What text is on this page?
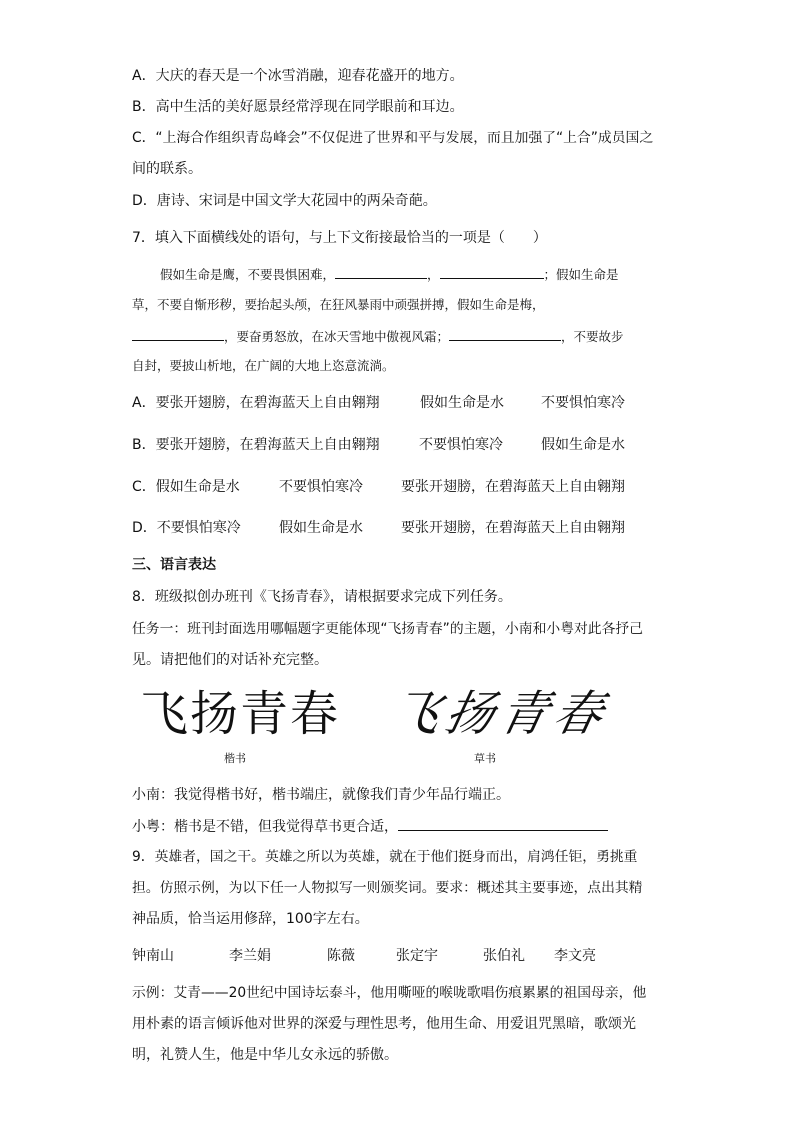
A．大庆的春天是一个冰雪消融，迎春花盛开的地方。
B．高中生活的美好愿景经常浮现在同学眼前和耳边。
C．“上海合作组织青岛峰会”不仅促进了世界和平与发展，而且加强了“上合”成员国之
间的联系。
D．唐诗、宋词是中国文学大花园中的两朵奇葩。
7．填入下面横线处的语句，与上下文衔接最恰当的一项是（　　）
假如生命是鹰，不要畏惧困难，	，	；假如生命是
草，不要自惭形秽，要抬起头颅，在狂风暴雨中顽强拼搏，假如生命是梅，
，要奋勇怒放，在冰天雪地中傲视风霜；	，不要故步
自封，要披山析地，在广阔的大地上恣意流淌。
A．要张开翅膀，在碧海蓝天上自由翱翔	假如生命是水	不要惧怕寒冷
B．要张开翅膀，在碧海蓝天上自由翱翔	不要惧怕寒冷	假如生命是水
C．假如生命是水	不要惧怕寒冷	要张开翅膀，在碧海蓝天上自由翱翔
D．不要惧怕寒冷	假如生命是水	要张开翅膀，在碧海蓝天上自由翱翔
三、语言表达
8．班级拟创办班刊《飞扬青春》，请根据要求完成下列任务。
任务一：班刊封面选用哪幅题字更能体现“飞扬青春”的主题，小南和小粤对此各抒己
见。请把他们的对话补充完整。
飞扬青春 飞扬青春
楷书	草书
小南：我觉得楷书好，楷书端庄，就像我们青少年品行端正。
小粤：楷书是不错，但我觉得草书更合适，
9．英雄者，国之干。英雄之所以为英雄，就在于他们挺身而出，肩鸿任钜，勇挑重
担。仿照示例，为以下任一人物拟写一则颁奖词。要求：概述其主要事迹，点出其精
神品质，恰当运用修辞，100字左右。
钟南山	李兰娟	陈薇	张定宇	张伯礼 李文亮
示例：艾青——20世纪中国诗坛泰斗，他用嘶哑的喉咙歌唱伤痕累累的祖国母亲，他
用朴素的语言倾诉他对世界的深爱与理性思考，他用生命、用爱诅咒黑暗，歌颂光
明，礼赞人生，他是中华儿女永远的骄傲。
